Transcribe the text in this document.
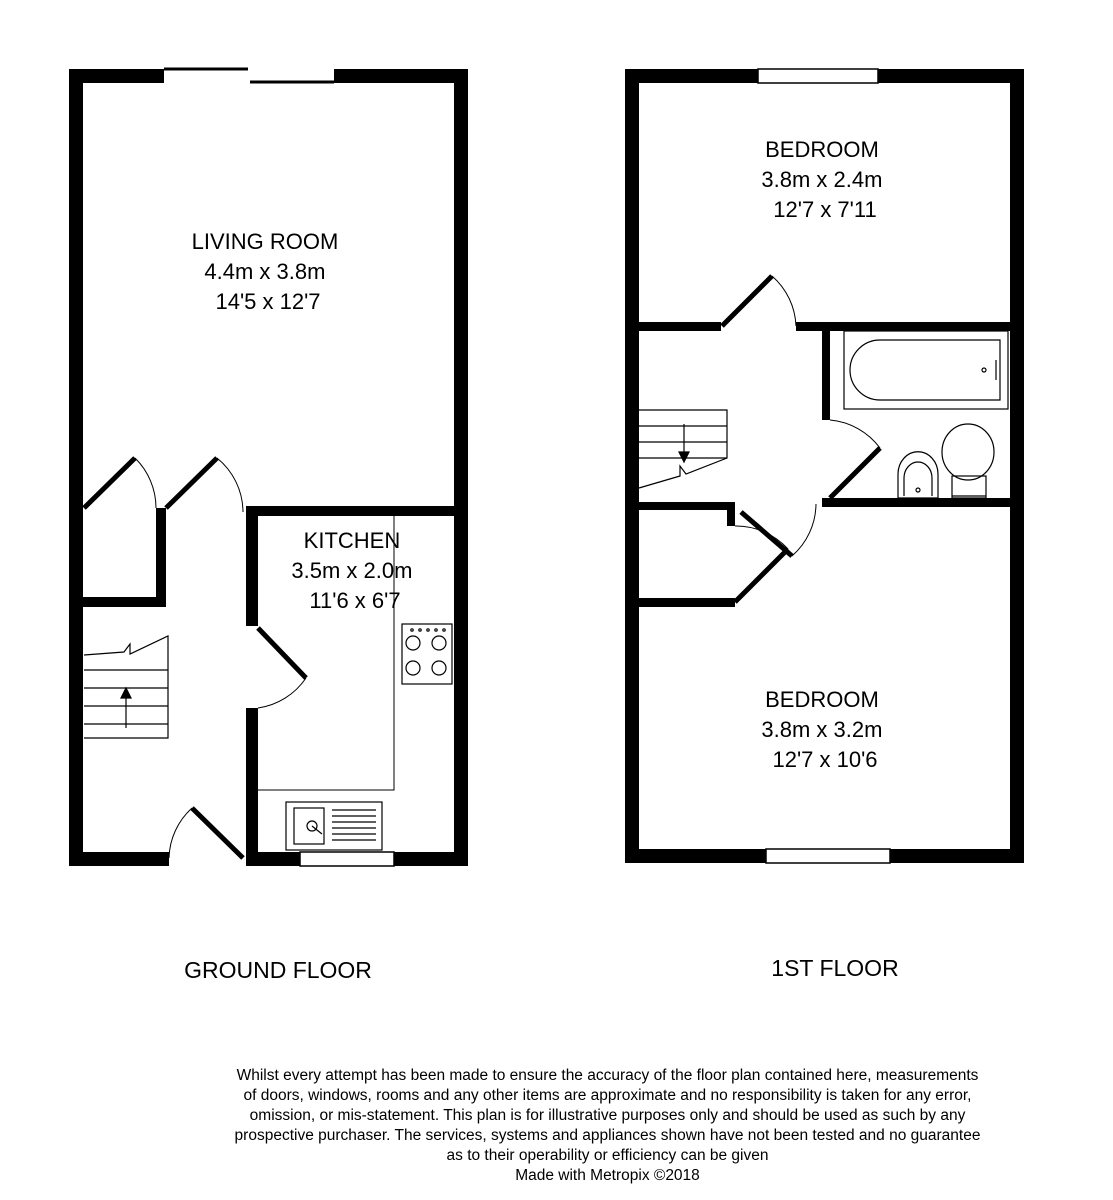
LIVING ROOM 4.4m x 3.8m 14'5 x 12'7
KITCHEN 3.5m x 2.0m 11'6 x 6'7
GROUND FLOOR
BEDROOM 3.8m x 2.4m 12'7 x 7'11
BEDROOM 3.8m x 3.2m 12'7 x 10'6
1ST FLOOR
Whilst every attempt has been made to ensure the accuracy of the floor plan contained here, measurements
of doors, windows, rooms and any other items are approximate and no responsibility is taken for any error,
omission, or mis-statement. This plan is for illustrative purposes only and should be used as such by any
prospective purchaser. The services, systems and appliances shown have not been tested and no guarantee
as to their operability or efficiency can be given
Made with Metropix ©2018
